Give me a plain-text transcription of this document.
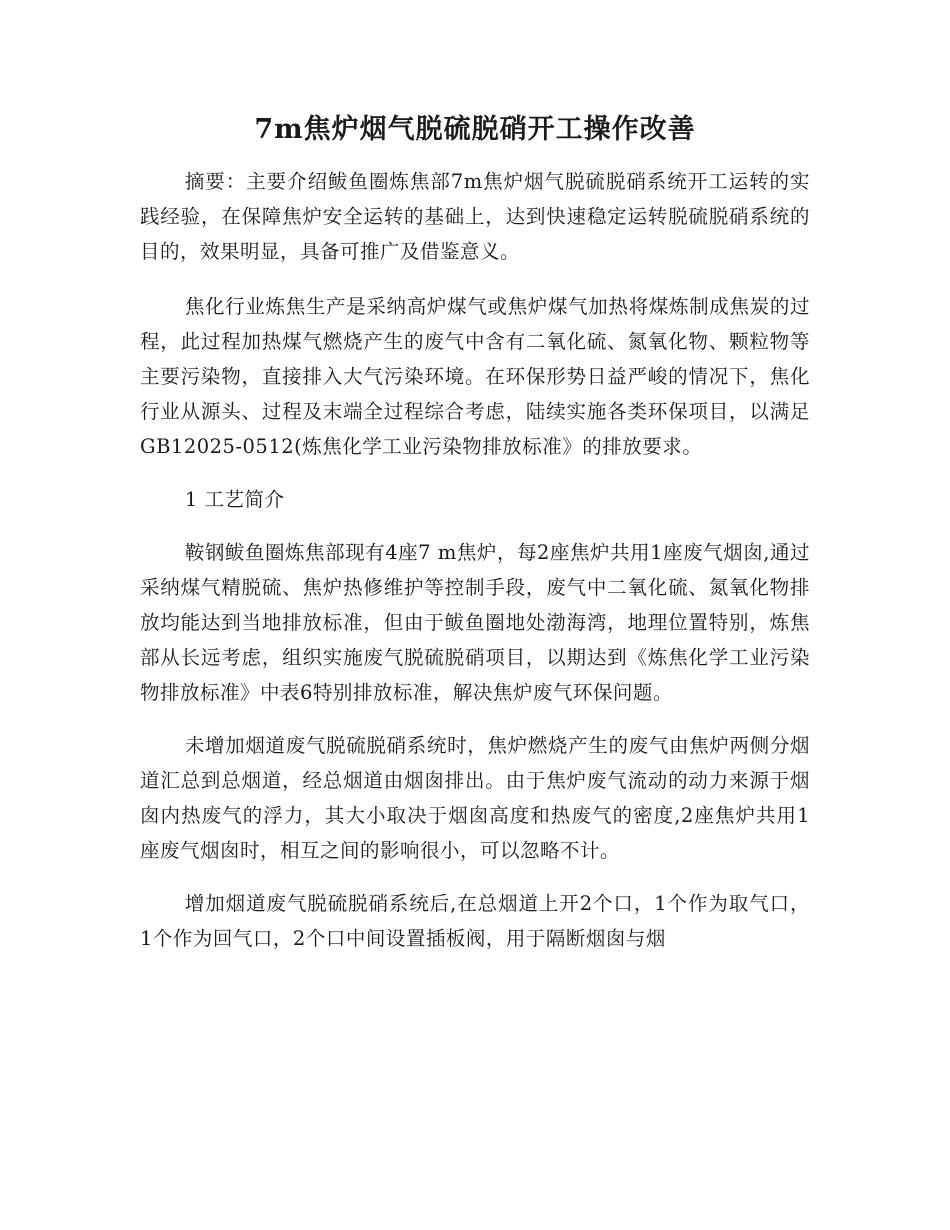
7m焦炉烟气脱硫脱硝开工操作改善

摘要：主要介绍鲅鱼圈炼焦部7m焦炉烟气脱硫脱硝系统开工运转的实践经验，在保障焦炉安全运转的基础上，达到快速稳定运转脱硫脱硝系统的目的，效果明显，具备可推广及借鉴意义。

焦化行业炼焦生产是采纳高炉煤气或焦炉煤气加热将煤炼制成焦炭的过程，此过程加热煤气燃烧产生的废气中含有二氧化硫、氮氧化物、颗粒物等主要污染物，直接排入大气污染环境。在环保形势日益严峻的情况下，焦化行业从源头、过程及末端全过程综合考虑，陆续实施各类环保项目，以满足GB12025-0512(炼焦化学工业污染物排放标准》的排放要求。

1 工艺简介

鞍钢鲅鱼圈炼焦部现有4座7 m焦炉，每2座焦炉共用1座废气烟囱,通过采纳煤气精脱硫、焦炉热修维护等控制手段，废气中二氧化硫、氮氧化物排放均能达到当地排放标准，但由于鲅鱼圈地处渤海湾，地理位置特别，炼焦部从长远考虑，组织实施废气脱硫脱硝项目，以期达到《炼焦化学工业污染物排放标准》中表6特别排放标准，解决焦炉废气环保问题。

未增加烟道废气脱硫脱硝系统时，焦炉燃烧产生的废气由焦炉两侧分烟道汇总到总烟道，经总烟道由烟囱排出。由于焦炉废气流动的动力来源于烟囱内热废气的浮力，其大小取决于烟囱高度和热废气的密度,2座焦炉共用1座废气烟囱时，相互之间的影响很小，可以忽略不计。

增加烟道废气脱硫脱硝系统后,在总烟道上开2个口，1个作为取气口，1个作为回气口，2个口中间设置插板阀，用于隔断烟囱与烟
